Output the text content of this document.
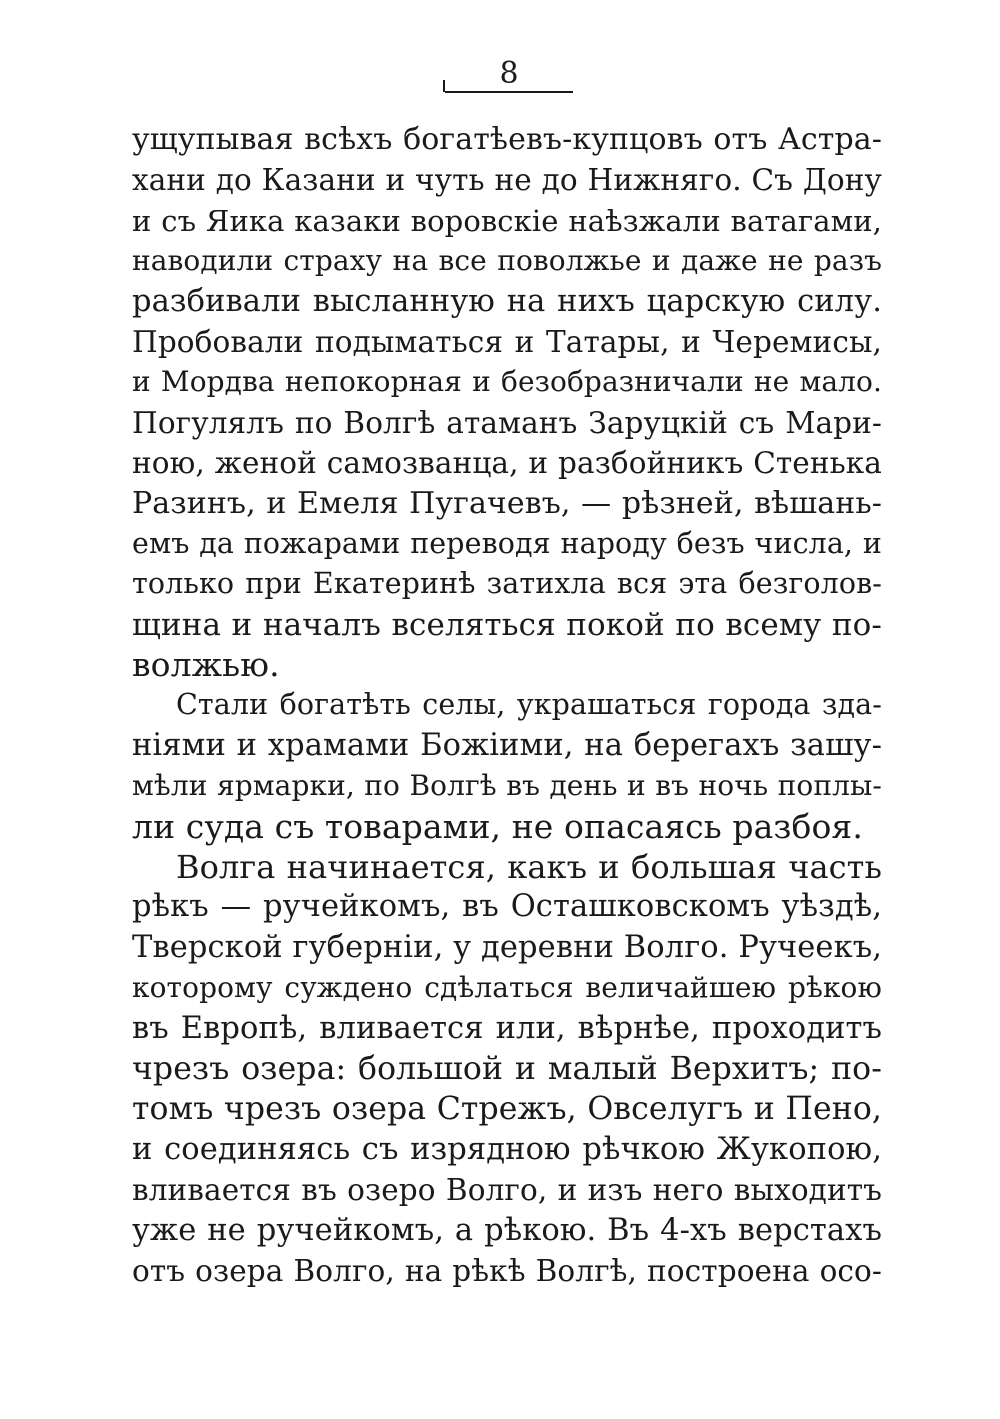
8
ущупывая всѣхъ богатѣевъ-купцовъ отъ Астра-
хани до Казани и чуть не до Нижняго. Съ Дону
и съ Яика казаки воровскіе наѣзжали ватагами,
наводили страху на все поволжье и даже не разъ
разбивали высланную на нихъ царскую силу.
Пробовали подыматься и Татары, и Черемисы,
и Мордва непокорная и безобразничали не мало.
Погулялъ по Волгѣ атаманъ Заруцкій съ Мари-
ною, женой самозванца, и разбойникъ Стенька
Разинъ, и Емеля Пугачевъ, — рѣзней, вѣшань-
емъ да пожарами переводя народу безъ числа, и
только при Екатеринѣ затихла вся эта безголов-
щина и началъ вселяться покой по всему по-
волжью.
Стали богатѣть селы, украшаться города зда-
ніями и храмами Божіими, на берегахъ зашу-
мѣли ярмарки, по Волгѣ въ день и въ ночь поплы-
ли суда съ товарами, не опасаясь разбоя.
Волга начинается, какъ и большая часть
рѣкъ — ручейкомъ, въ Осташковскомъ уѣздѣ,
Тверской губерніи, у деревни Волго. Ручеекъ,
которому суждено сдѣлаться величайшею рѣкою
въ Европѣ, вливается или, вѣрнѣе, проходитъ
чрезъ озера: большой и малый Верхитъ; по-
томъ чрезъ озера Стрежъ, Овселугъ и Пено,
и соединяясь съ изрядною рѣчкою Жукопою,
вливается въ озеро Волго, и изъ него выходитъ
уже не ручейкомъ, а рѣкою. Въ 4-хъ верстахъ
отъ озера Волго, на рѣкѣ Волгѣ, построена осо-
